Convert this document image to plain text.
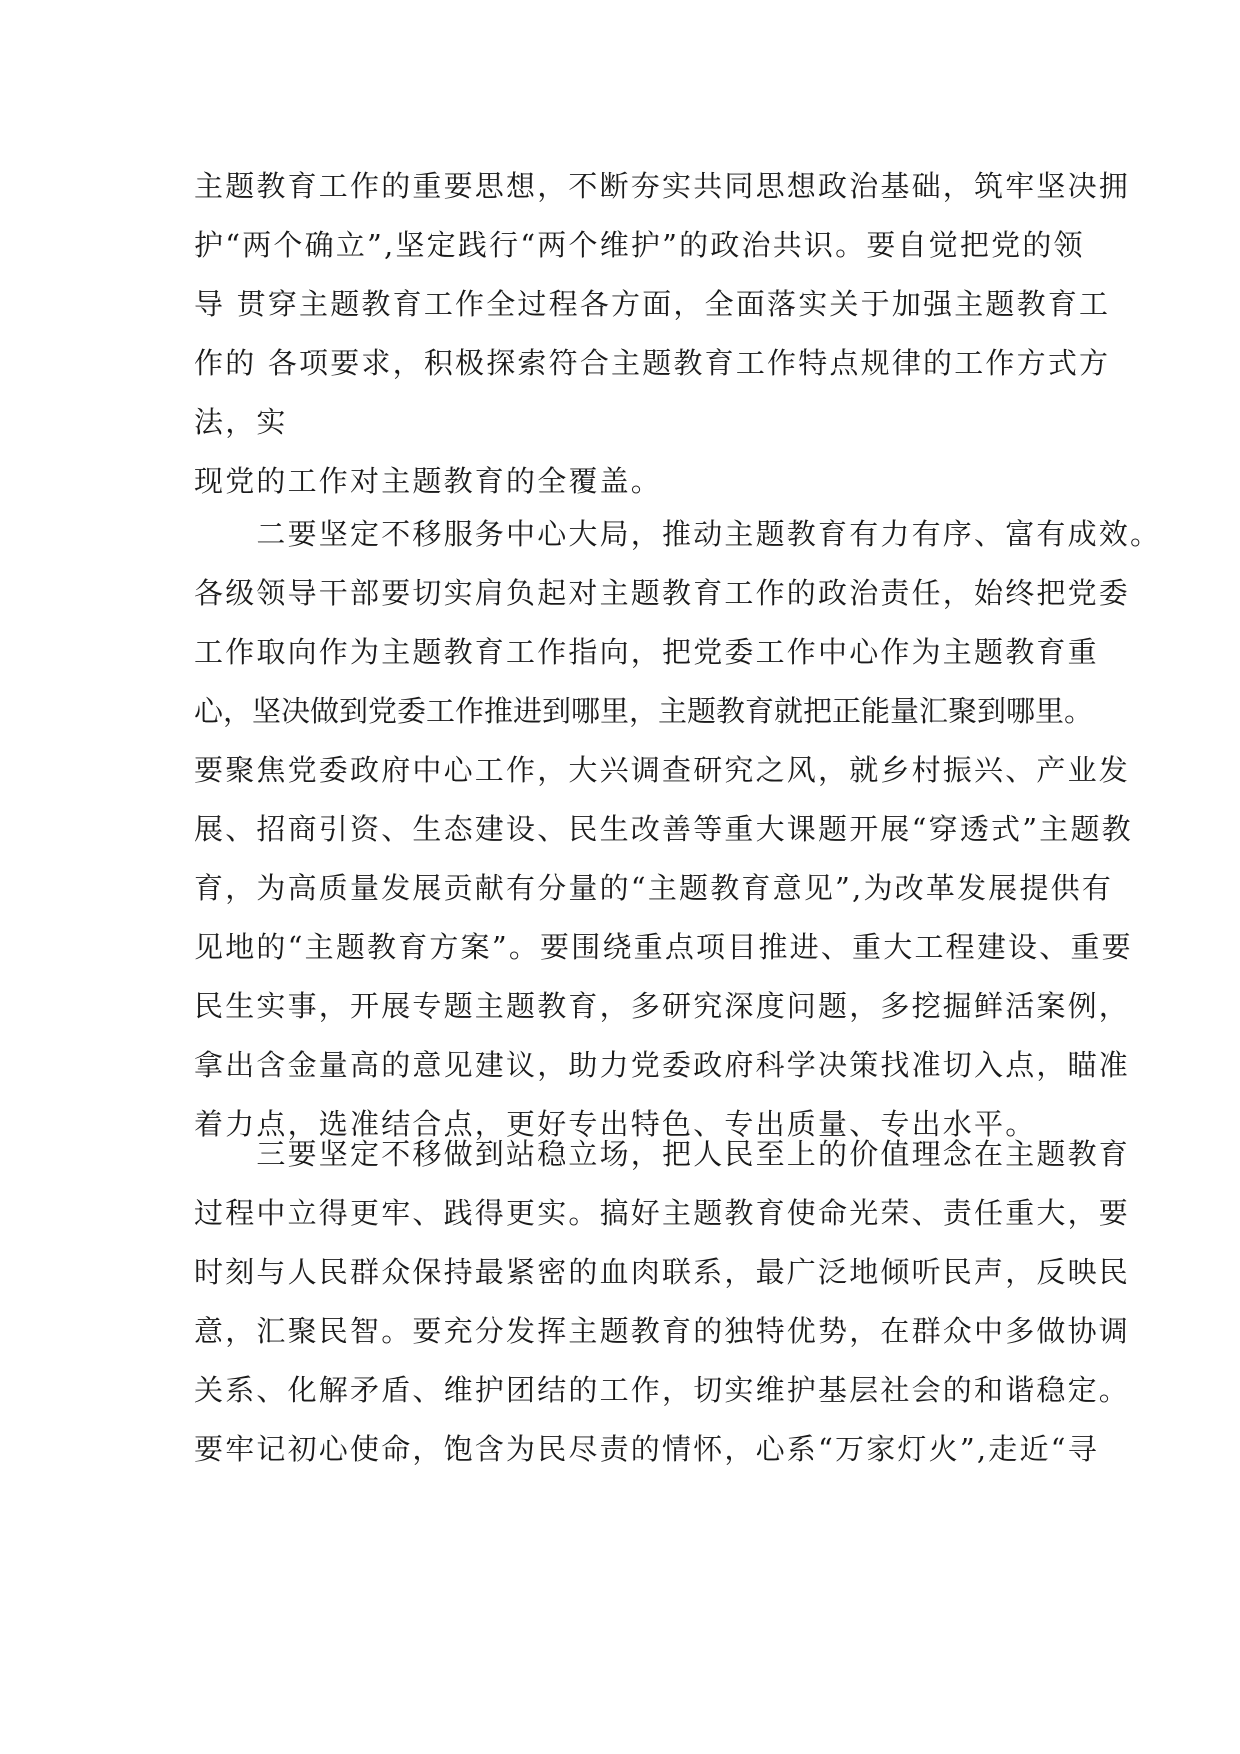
主题教育工作的重要思想，不断夯实共同思想政治基础，筑牢坚决拥
护“两个确立”,坚定践行“两个维护”的政治共识。要自觉把党的领
导 贯穿主题教育工作全过程各方面，全面落实关于加强主题教育工
作的 各项要求，积极探索符合主题教育工作特点规律的工作方式方
法，实
现党的工作对主题教育的全覆盖。
　　二要坚定不移服务中心大局，推动主题教育有力有序、富有成效。
各级领导干部要切实肩负起对主题教育工作的政治责任，始终把党委
工作取向作为主题教育工作指向，把党委工作中心作为主题教育重
心，坚决做到党委工作推进到哪里，主题教育就把正能量汇聚到哪里。
要聚焦党委政府中心工作，大兴调查研究之风，就乡村振兴、产业发
展、招商引资、生态建设、民生改善等重大课题开展“穿透式”主题教
育，为高质量发展贡献有分量的“主题教育意见”,为改革发展提供有
见地的“主题教育方案”。要围绕重点项目推进、重大工程建设、重要
民生实事，开展专题主题教育，多研究深度问题，多挖掘鲜活案例，
拿出含金量高的意见建议，助力党委政府科学决策找准切入点，瞄准
着力点，选准结合点，更好专出特色、专出质量、专出水平。
　　三要坚定不移做到站稳立场，把人民至上的价值理念在主题教育
过程中立得更牢、践得更实。搞好主题教育使命光荣、责任重大，要
时刻与人民群众保持最紧密的血肉联系，最广泛地倾听民声，反映民
意，汇聚民智。要充分发挥主题教育的独特优势，在群众中多做协调
关系、化解矛盾、维护团结的工作，切实维护基层社会的和谐稳定。
要牢记初心使命，饱含为民尽责的情怀，心系“万家灯火”,走近“寻
